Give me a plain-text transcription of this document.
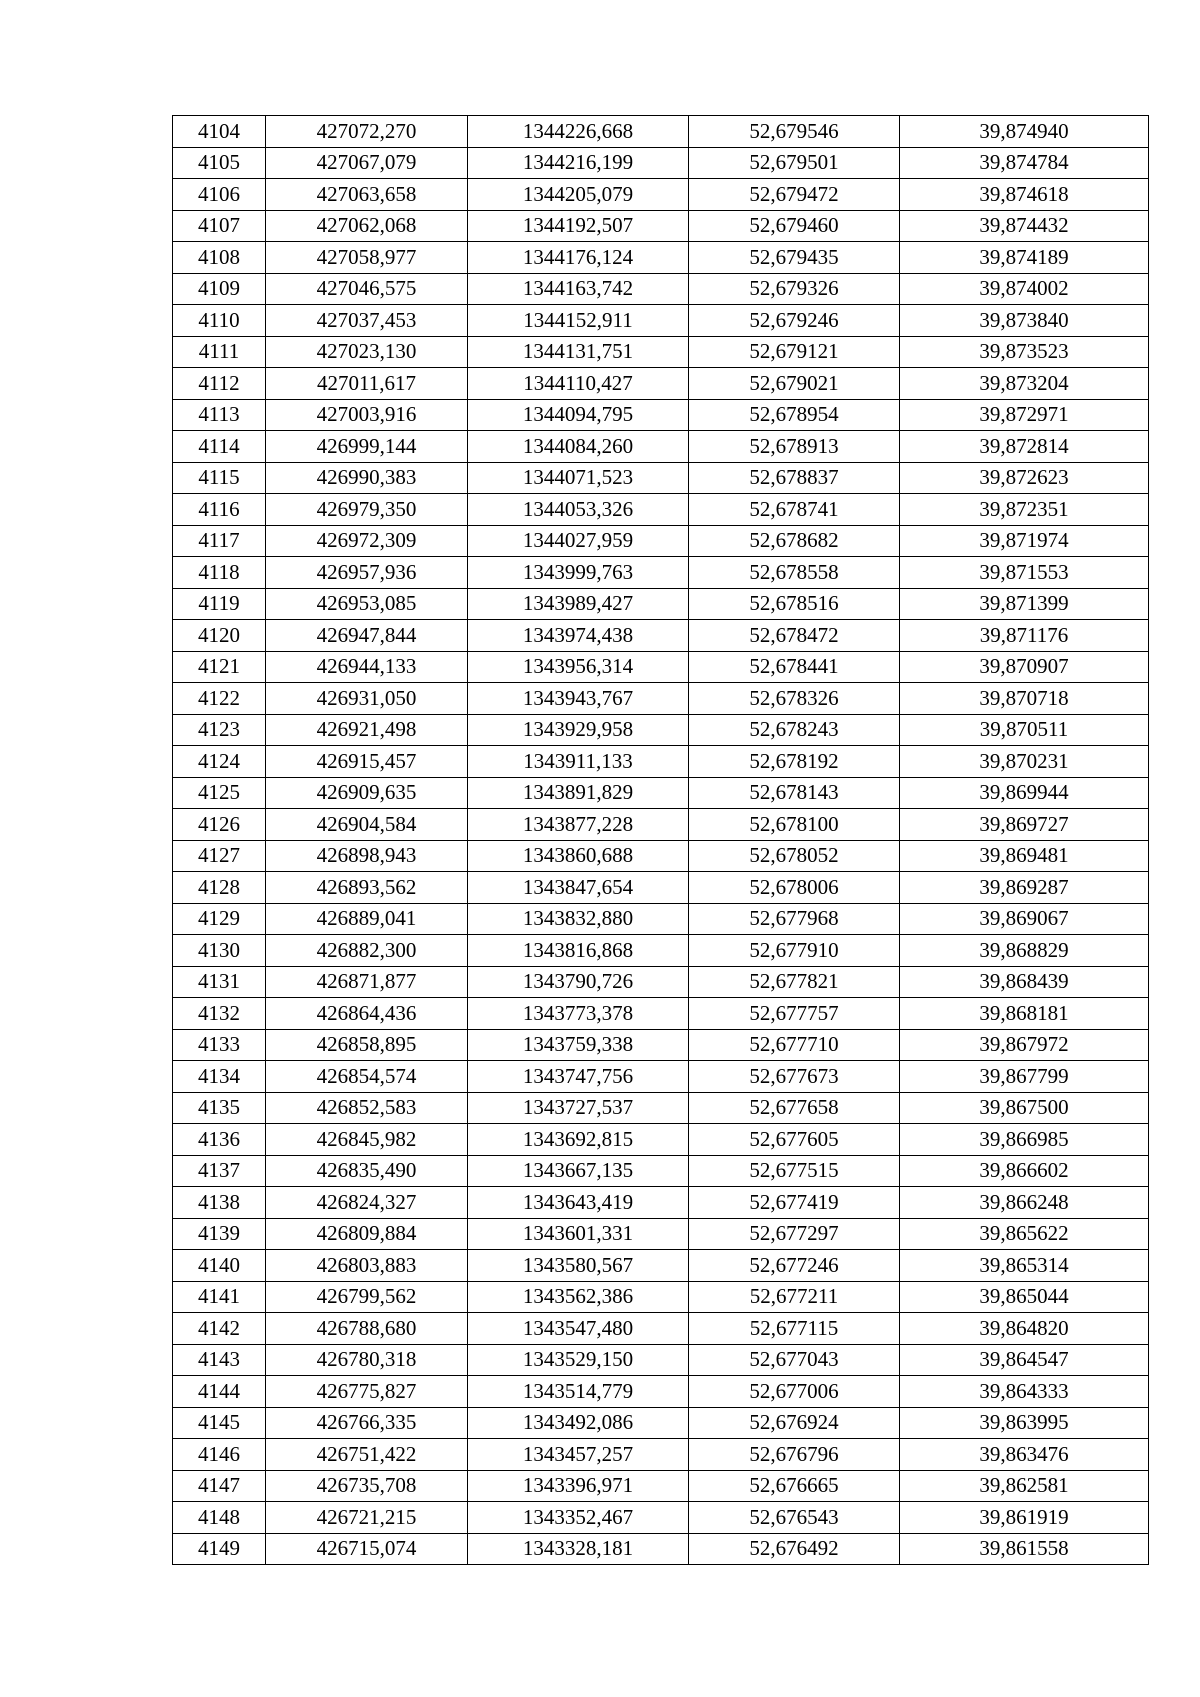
4104	427072,270	1344226,668	52,679546	39,874940
4105	427067,079	1344216,199	52,679501	39,874784
4106	427063,658	1344205,079	52,679472	39,874618
4107	427062,068	1344192,507	52,679460	39,874432
4108	427058,977	1344176,124	52,679435	39,874189
4109	427046,575	1344163,742	52,679326	39,874002
4110	427037,453	1344152,911	52,679246	39,873840
4111	427023,130	1344131,751	52,679121	39,873523
4112	427011,617	1344110,427	52,679021	39,873204
4113	427003,916	1344094,795	52,678954	39,872971
4114	426999,144	1344084,260	52,678913	39,872814
4115	426990,383	1344071,523	52,678837	39,872623
4116	426979,350	1344053,326	52,678741	39,872351
4117	426972,309	1344027,959	52,678682	39,871974
4118	426957,936	1343999,763	52,678558	39,871553
4119	426953,085	1343989,427	52,678516	39,871399
4120	426947,844	1343974,438	52,678472	39,871176
4121	426944,133	1343956,314	52,678441	39,870907
4122	426931,050	1343943,767	52,678326	39,870718
4123	426921,498	1343929,958	52,678243	39,870511
4124	426915,457	1343911,133	52,678192	39,870231
4125	426909,635	1343891,829	52,678143	39,869944
4126	426904,584	1343877,228	52,678100	39,869727
4127	426898,943	1343860,688	52,678052	39,869481
4128	426893,562	1343847,654	52,678006	39,869287
4129	426889,041	1343832,880	52,677968	39,869067
4130	426882,300	1343816,868	52,677910	39,868829
4131	426871,877	1343790,726	52,677821	39,868439
4132	426864,436	1343773,378	52,677757	39,868181
4133	426858,895	1343759,338	52,677710	39,867972
4134	426854,574	1343747,756	52,677673	39,867799
4135	426852,583	1343727,537	52,677658	39,867500
4136	426845,982	1343692,815	52,677605	39,866985
4137	426835,490	1343667,135	52,677515	39,866602
4138	426824,327	1343643,419	52,677419	39,866248
4139	426809,884	1343601,331	52,677297	39,865622
4140	426803,883	1343580,567	52,677246	39,865314
4141	426799,562	1343562,386	52,677211	39,865044
4142	426788,680	1343547,480	52,677115	39,864820
4143	426780,318	1343529,150	52,677043	39,864547
4144	426775,827	1343514,779	52,677006	39,864333
4145	426766,335	1343492,086	52,676924	39,863995
4146	426751,422	1343457,257	52,676796	39,863476
4147	426735,708	1343396,971	52,676665	39,862581
4148	426721,215	1343352,467	52,676543	39,861919
4149	426715,074	1343328,181	52,676492	39,861558
